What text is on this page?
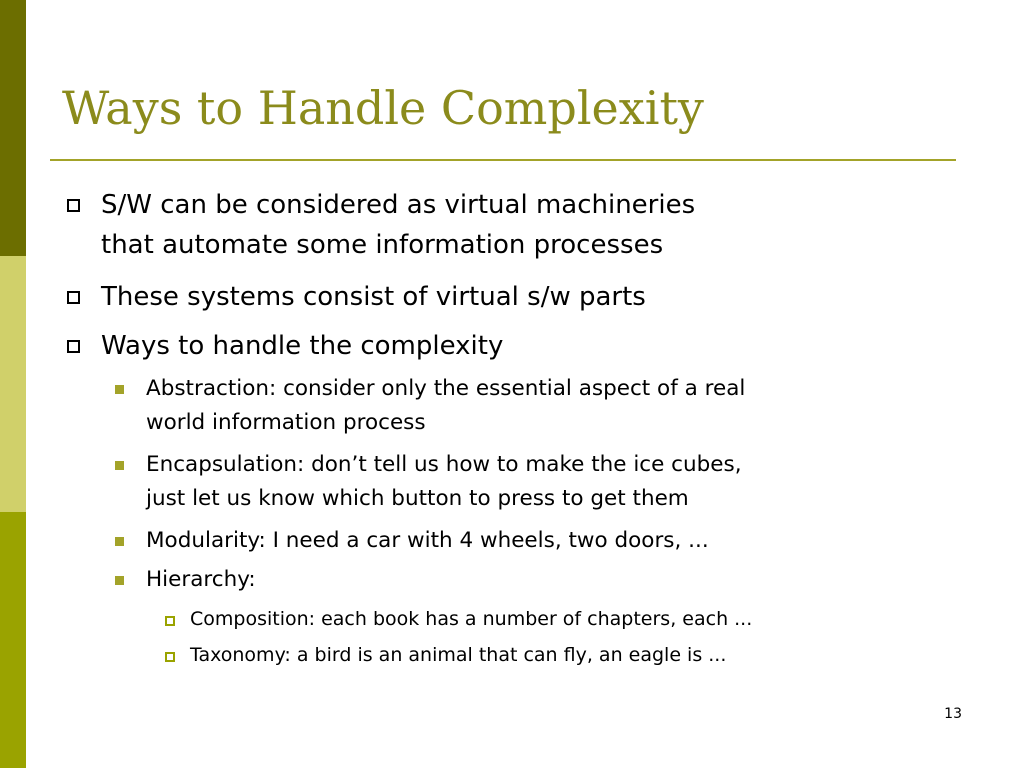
Ways to Handle Complexity
S/W can be considered as virtual machineries
that automate some information processes
These systems consist of virtual s/w parts
Ways to handle the complexity
Abstraction: consider only the essential aspect of a real
world information process
Encapsulation: don’t tell us how to make the ice cubes,
just let us know which button to press to get them
Modularity: I need a car with 4 wheels, two doors, ...
Hierarchy:
Composition: each book has a number of chapters, each ...
Taxonomy: a bird is an animal that can fly, an eagle is ...
13
